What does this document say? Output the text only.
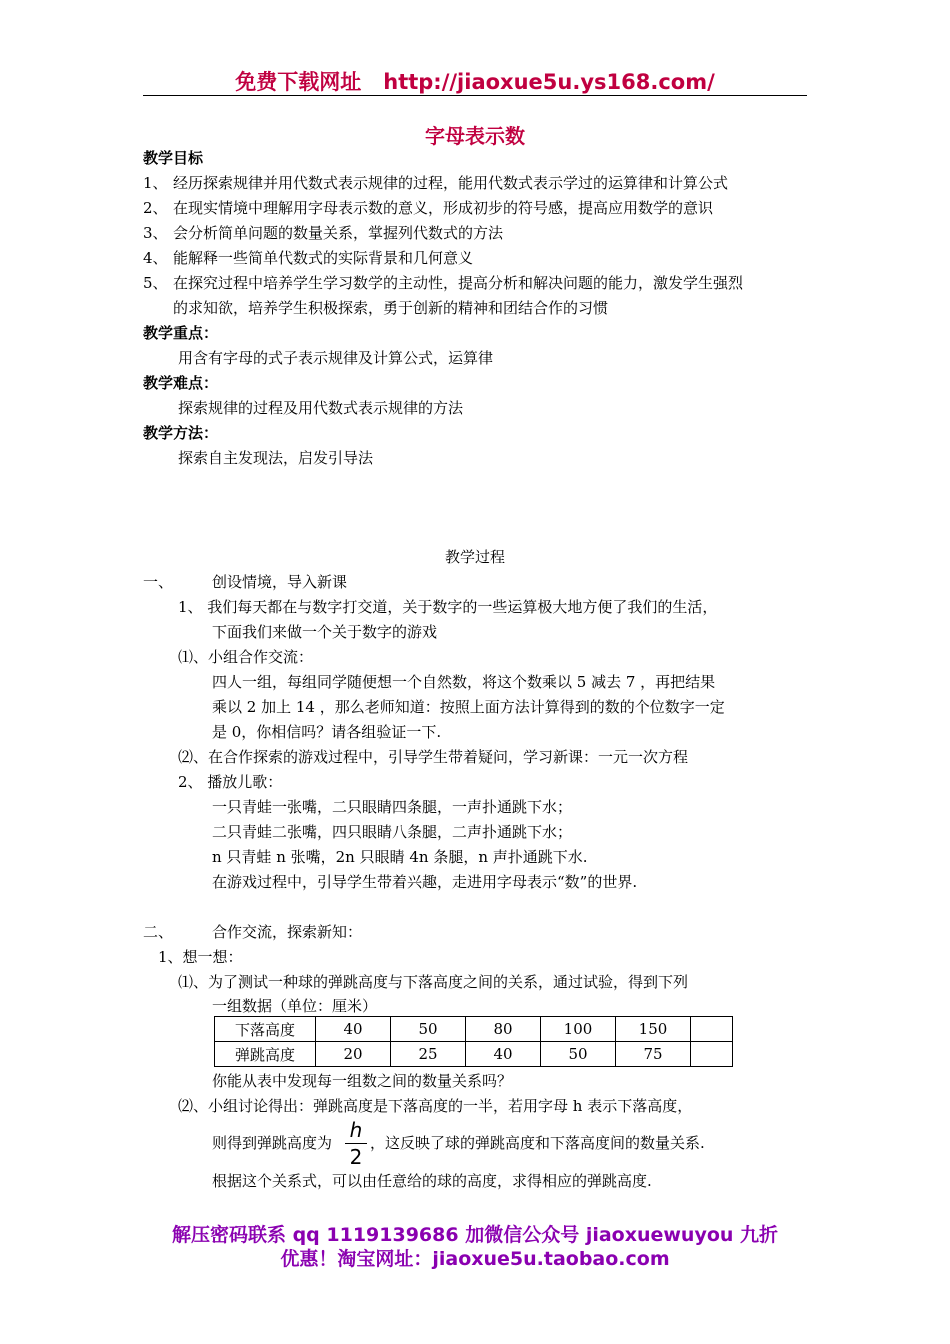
免费下载网址 http://jiaoxue5u.ys168.com/
字母表示数
教学目标
1、 经历探索规律并用代数式表示规律的过程，能用代数式表示学过的运算律和计算公式
2、 在现实情境中理解用字母表示数的意义，形成初步的符号感，提高应用数学的意识
3、 会分析简单问题的数量关系，掌握列代数式的方法
4、 能解释一些简单代数式的实际背景和几何意义
5、 在探究过程中培养学生学习数学的主动性，提高分析和解决问题的能力，激发学生强烈
的求知欲，培养学生积极探索，勇于创新的精神和团结合作的习惯
教学重点：
用含有字母的式子表示规律及计算公式，运算律
教学难点：
探索规律的过程及用代数式表示规律的方法
教学方法：
探索自主发现法，启发引导法
教学过程
一、	创设情境，导入新课
1、 我们每天都在与数字打交道，关于数字的一些运算极大地方便了我们的生活，
下面我们来做一个关于数字的游戏
⑴、小组合作交流：
四人一组，每组同学随便想一个自然数，将这个数乘以 5 减去 7 ，再把结果
乘以 2 加上 14 ，那么老师知道：按照上面方法计算得到的数的个位数字一定
是 0，你相信吗？请各组验证一下.
⑵、在合作探索的游戏过程中，引导学生带着疑问，学习新课：一元一次方程
2、 播放儿歌：
一只青蛙一张嘴，二只眼睛四条腿，一声扑通跳下水；
二只青蛙二张嘴，四只眼睛八条腿，二声扑通跳下水；
n 只青蛙 n 张嘴，2n 只眼睛 4n 条腿，n 声扑通跳下水.
在游戏过程中，引导学生带着兴趣，走进用字母表示“数”的世界.
二、	合作交流，探索新知：
1、想一想：
⑴、为了测试一种球的弹跳高度与下落高度之间的关系，通过试验，得到下列
一组数据（单位：厘米）
下落高度	40	50	80	100	150	
弹跳高度	20	25	40	50	75	
你能从表中发现每一组数之间的数量关系吗？
⑵、小组讨论得出：弹跳高度是下落高度的一半，若用字母 h 表示下落高度，
则得到弹跳高度为
h
2
，这反映了球的弹跳高度和下落高度间的数量关系.
根据这个关系式，可以由任意给的球的高度，求得相应的弹跳高度.
解压密码联系 qq 1119139686 加微信公众号 jiaoxuewuyou 九折
优惠！淘宝网址：jiaoxue5u.taobao.com
